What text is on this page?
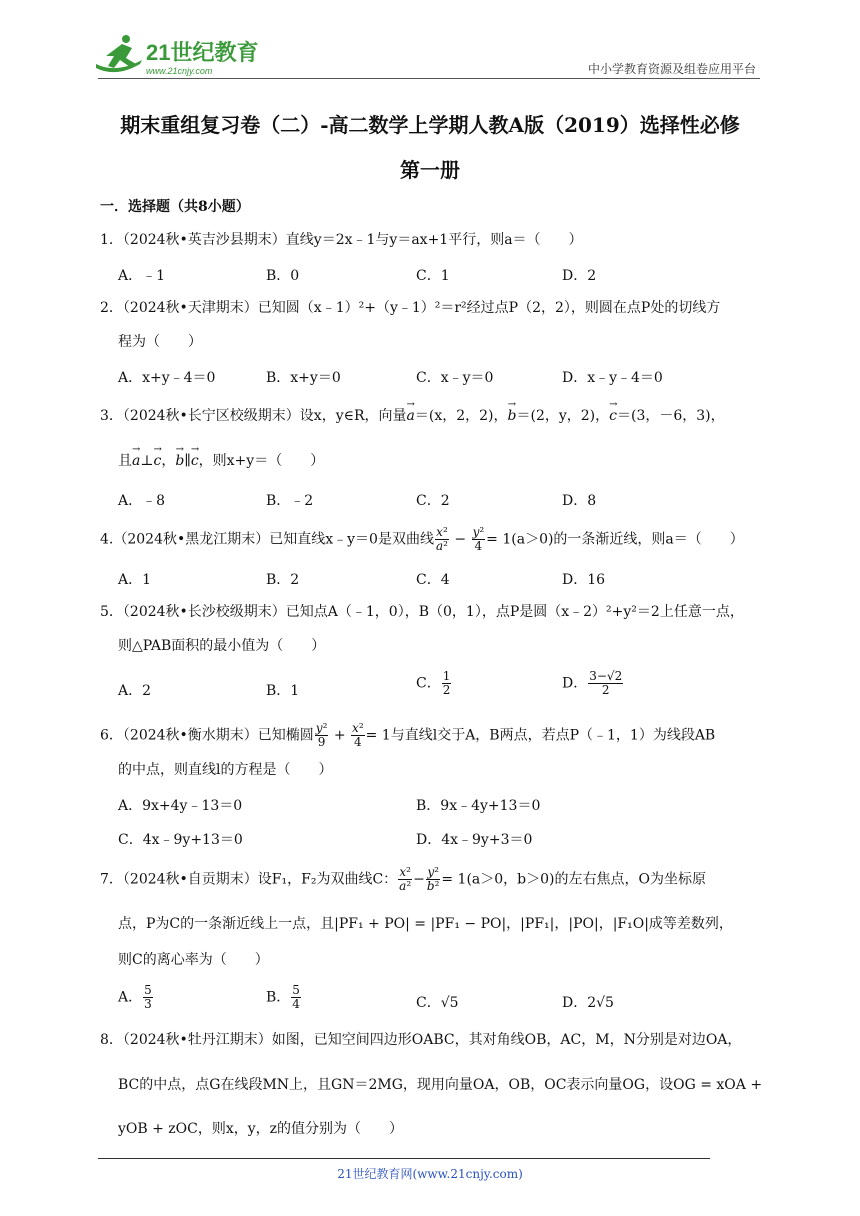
21世纪教育
www.21cnjy.com	中小学教育资源及组卷应用平台
期末重组复习卷（二）-高二数学上学期人教A版（2019）选择性必修
第一册
一．选择题（共8小题）
1．（2024秋•英吉沙县期末）直线y＝2x﹣1与y＝ax+1平行，则a＝（　　）
A．﹣1	B．0	C．1	D．2
2．（2024秋•天津期末）已知圆（x﹣1）²+（y﹣1）²＝r²经过点P（2，2），则圆在点P处的切线方
程为（　　）
A．x+y﹣4＝0	B．x+y＝0	C．x﹣y＝0	D．x﹣y﹣4＝0
3．（2024秋•长宁区校级期末）设x，y∈R，向量→ a＝(x，2，2)，→ b＝(2，y，2)，→ c＝(3，－6，3)，
且→ a⊥→ c，→ b∥→ c，则x+y＝（　　）
A．﹣8	B．﹣2	C．2	D．8
4.（2024秋•黑龙江期末）已知直线x﹣y＝0是双曲线 $\frac{\text{x²}}{\text{a²}} - \frac{\text{y²}}{4} = 1(a>0)$的一条渐近线，则a＝（　　）
A．1	B．2	C．4	D．16
5．（2024秋•长沙校级期末）已知点A（﹣1，0），B（0，1），点P是圆（x﹣2）²+y²＝2上任意一点，
则△PAB面积的最小值为（　　）
A．2	B．1	C． $\frac{1}{2}$	D． $\frac{3-√2}{2}$
6．（2024秋•衡水期末）已知椭圆 $\frac{\text{y²}}{9} + \frac{\text{x²}}{4} = 1$与直线l交于A，B两点，若点P（﹣1，1）为线段AB
的中点，则直线l的方程是（　　）
A．9x+4y﹣13＝0	B．9x﹣4y+13＝0
C．4x﹣9y+13＝0	D．4x﹣9y+3＝0
7．（2024秋•自贡期末）设F₁，F₂为双曲线C： $\frac{\text{x²}}{\text{a²}} - \frac{\text{y²}}{\text{b²}} = 1(a>0$，b＞0)的左右焦点，O为坐标原
点，P为C的一条渐近线上一点，且|PF₁ + PO| = |PF₁ − PO|，|PF₁|，|PO|，|F₁O|成等差数列，
则C的离心率为（　　）
A． $\frac{5}{3}$	B． $\frac{5}{4}$	C．√5	D．2√5
8．（2024秋•牡丹江期末）如图，已知空间四边形OABC，其对角线OB，AC，M，N分别是对边OA，
BC的中点，点G在线段MN上，且GN＝2MG，现用向量OA，OB，OC表示向量OG，设OG = xOA +
yOB + zOC，则x，y，z的值分别为（　　）
21世纪教育网(www.21cnjy.com)
